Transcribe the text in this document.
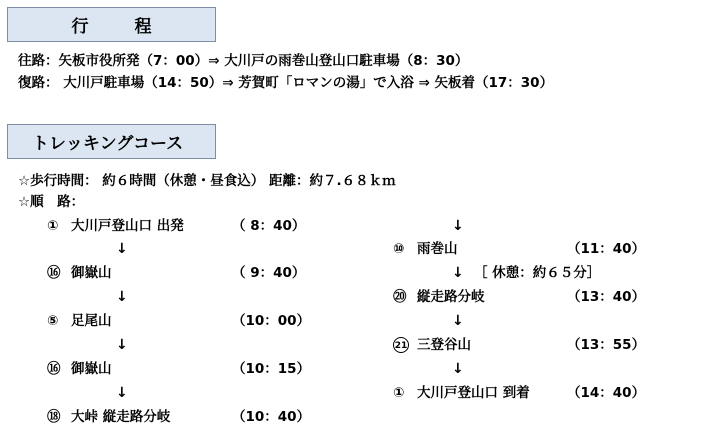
行	程
往路：矢板市役所発（7：00）⇒ 大川戸の雨巻山登山口駐車場（8：30）
復路： 大川戸駐車場（14：50）⇒ 芳賀町「ロマンの湯」で入浴 ⇒ 矢板着（17：30）
トレッキングコース
☆歩行時間： 約６時間（休憩・昼食込） 距離：約７.６８ｋｍ
☆順　路：
① 大川戸登山口 出発	（ 8：40）
↓
⑯ 御嶽山	（ 9：40）
↓
⑤ 足尾山	（10：00）
↓
⑯ 御嶽山	（10：15）
↓
⑱ 大峠 縦走路分岐	（10：40）
↓
⑩ 雨巻山	（11：40）
↓ ［ 休憩：約６５分］
⑳ 縦走路分岐	（13：40）
↓
21 三登谷山	（13：55）
↓
① 大川戸登山口 到着	（14：40）
